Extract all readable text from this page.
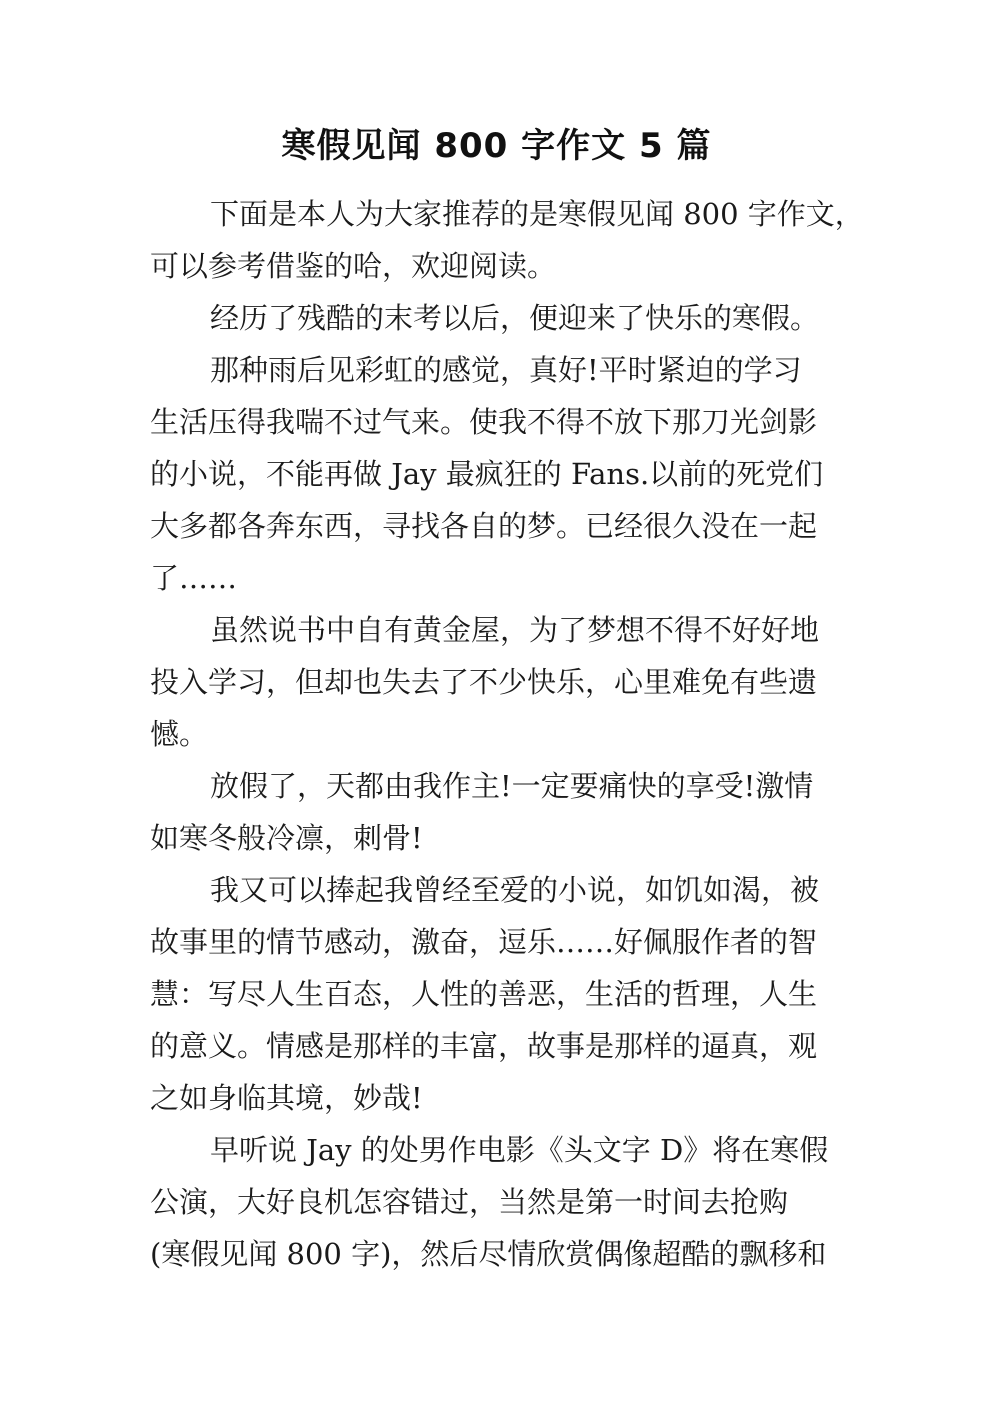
寒假见闻 800 字作文 5 篇

下面是本人为大家推荐的是寒假见闻 800 字作文，
可以参考借鉴的哈，欢迎阅读。

经历了残酷的末考以后，便迎来了快乐的寒假。

那种雨后见彩虹的感觉，真好!平时紧迫的学习
生活压得我喘不过气来。使我不得不放下那刀光剑影
的小说，不能再做 Jay 最疯狂的 Fans.以前的死党们
大多都各奔东西，寻找各自的梦。已经很久没在一起
了……

虽然说书中自有黄金屋，为了梦想不得不好好地
投入学习，但却也失去了不少快乐，心里难免有些遗
憾。

放假了，天都由我作主!一定要痛快的享受!激情
如寒冬般冷凛，刺骨!

我又可以捧起我曾经至爱的小说，如饥如渴，被
故事里的情节感动，激奋，逗乐……好佩服作者的智
慧：写尽人生百态，人性的善恶，生活的哲理，人生
的意义。情感是那样的丰富，故事是那样的逼真，观
之如身临其境，妙哉!

早听说 Jay 的处男作电影《头文字 D》将在寒假
公演，大好良机怎容错过，当然是第一时间去抢购
(寒假见闻 800 字)，然后尽情欣赏偶像超酷的飘移和
